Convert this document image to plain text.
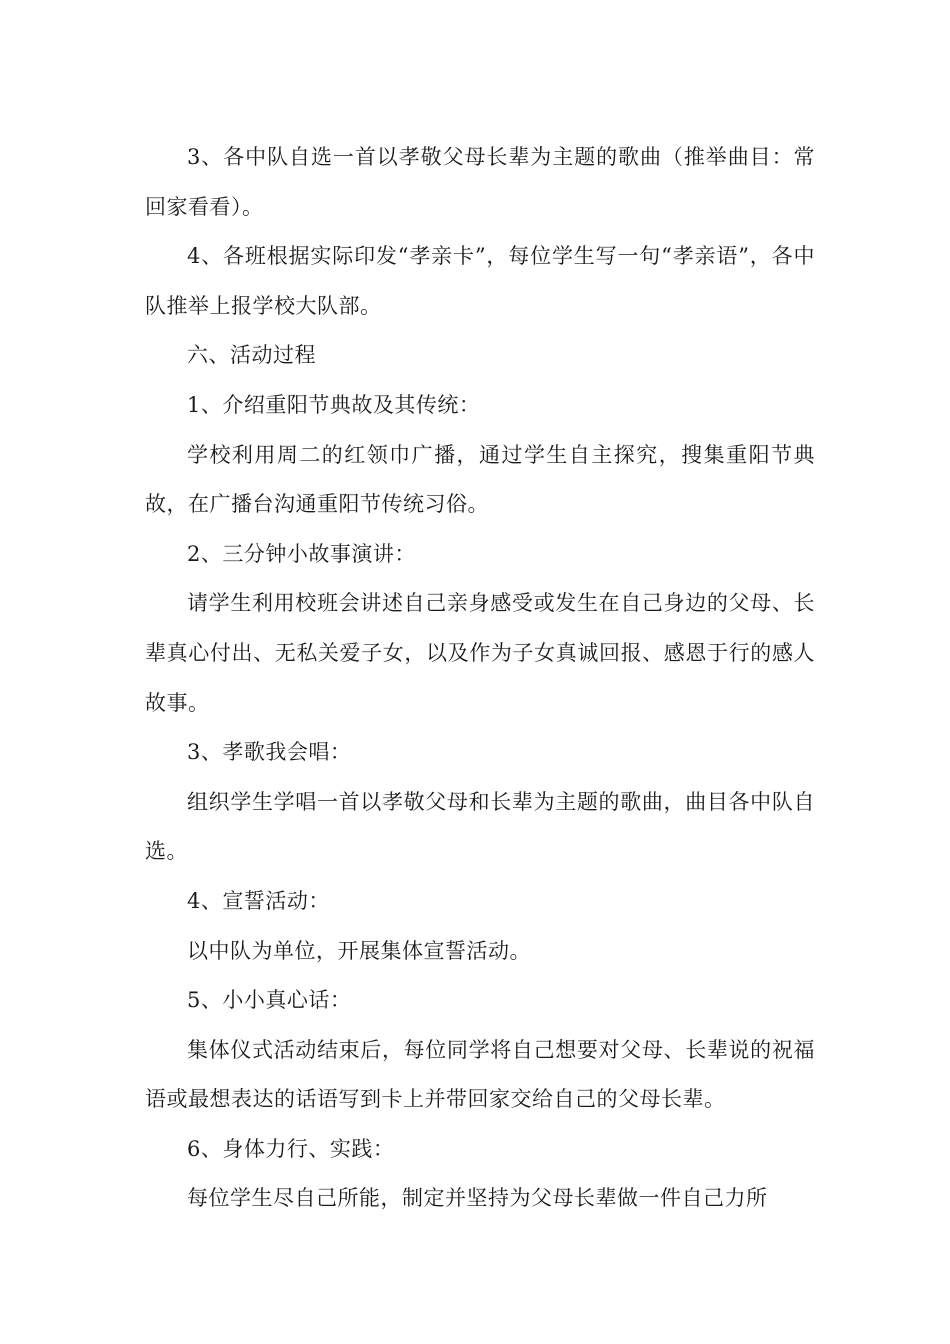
3、各中队自选一首以孝敬父母长辈为主题的歌曲（推举曲目：常回家看看）。

4、各班根据实际印发“孝亲卡”，每位学生写一句“孝亲语”，各中队推举上报学校大队部。

六、活动过程

1、介绍重阳节典故及其传统：

学校利用周二的红领巾广播，通过学生自主探究，搜集重阳节典故，在广播台沟通重阳节传统习俗。

2、三分钟小故事演讲：

请学生利用校班会讲述自己亲身感受或发生在自己身边的父母、长辈真心付出、无私关爱子女，以及作为子女真诚回报、感恩于行的感人故事。

3、孝歌我会唱：

组织学生学唱一首以孝敬父母和长辈为主题的歌曲，曲目各中队自选。

4、宣誓活动：

以中队为单位，开展集体宣誓活动。

5、小小真心话：

集体仪式活动结束后，每位同学将自己想要对父母、长辈说的祝福语或最想表达的话语写到卡上并带回家交给自己的父母长辈。

6、身体力行、实践：

每位学生尽自己所能，制定并坚持为父母长辈做一件自己力所
